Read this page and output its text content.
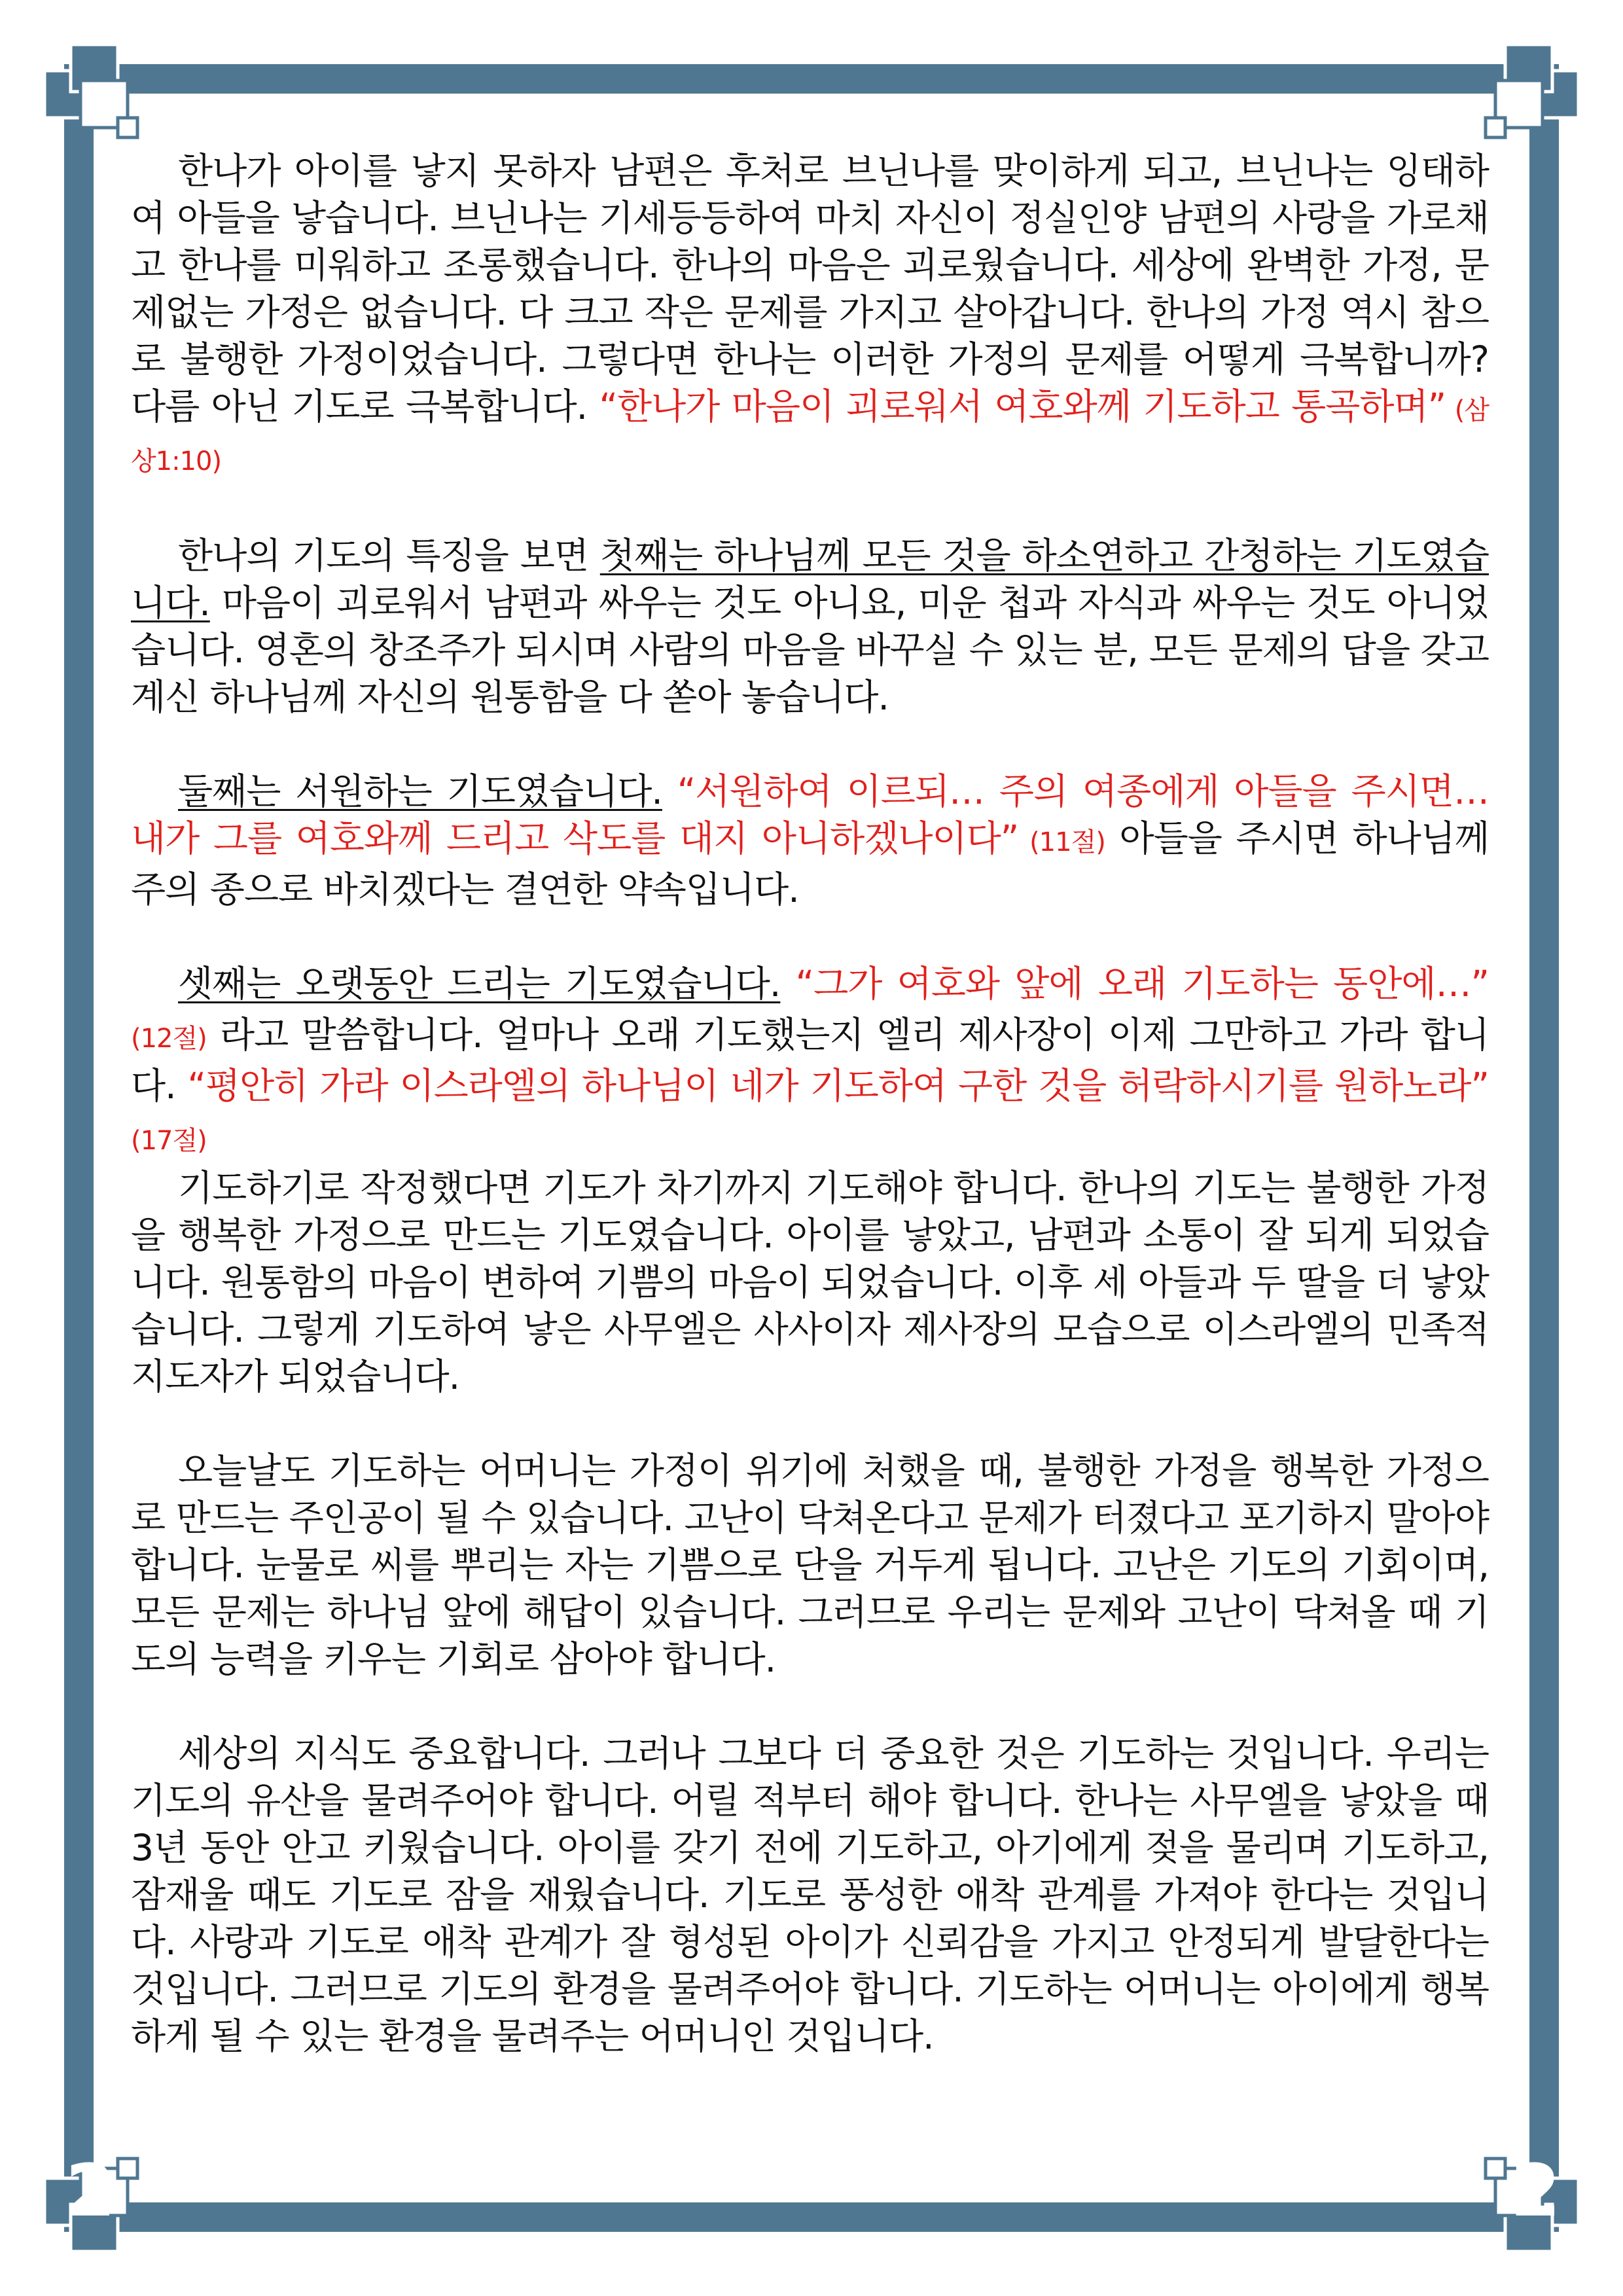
2	2

한나가 아이를 낳지 못하자 남편은 후처로 브닌나를 맞이하게 되고, 브닌나는 잉태하여 아들을 낳습니다. 브닌나는 기세등등하여 마치 자신이 정실인양 남편의 사랑을 가로채고 한나를 미워하고 조롱했습니다. 한나의 마음은 괴로웠습니다. 세상에 완벽한 가정, 문제없는 가정은 없습니다. 다 크고 작은 문제를 가지고 살아갑니다. 한나의 가정 역시 참으로 불행한 가정이었습니다. 그렇다면 한나는 이러한 가정의 문제를 어떻게 극복합니까? 다름 아닌 기도로 극복합니다. “한나가 마음이 괴로워서 여호와께 기도하고 통곡하며” (삼상1:10)

한나의 기도의 특징을 보면 첫째는 하나님께 모든 것을 하소연하고 간청하는 기도였습니다. 마음이 괴로워서 남편과 싸우는 것도 아니요, 미운 첩과 자식과 싸우는 것도 아니었습니다. 영혼의 창조주가 되시며 사람의 마음을 바꾸실 수 있는 분, 모든 문제의 답을 갖고 계신 하나님께 자신의 원통함을 다 쏟아 놓습니다.

둘째는 서원하는 기도였습니다. “서원하여 이르되… 주의 여종에게 아들을 주시면… 내가 그를 여호와께 드리고 삭도를 대지 아니하겠나이다” (11절) 아들을 주시면 하나님께 주의 종으로 바치겠다는 결연한 약속입니다.

셋째는 오랫동안 드리는 기도였습니다. “그가 여호와 앞에 오래 기도하는 동안에…” (12절) 라고 말씀합니다. 얼마나 오래 기도했는지 엘리 제사장이 이제 그만하고 가라 합니다. “평안히 가라 이스라엘의 하나님이 네가 기도하여 구한 것을 허락하시기를 원하노라” (17절)

기도하기로 작정했다면 기도가 차기까지 기도해야 합니다. 한나의 기도는 불행한 가정을 행복한 가정으로 만드는 기도였습니다. 아이를 낳았고, 남편과 소통이 잘 되게 되었습니다. 원통함의 마음이 변하여 기쁨의 마음이 되었습니다. 이후 세 아들과 두 딸을 더 낳았습니다. 그렇게 기도하여 낳은 사무엘은 사사이자 제사장의 모습으로 이스라엘의 민족적 지도자가 되었습니다.

오늘날도 기도하는 어머니는 가정이 위기에 처했을 때, 불행한 가정을 행복한 가정으로 만드는 주인공이 될 수 있습니다. 고난이 닥쳐온다고 문제가 터졌다고 포기하지 말아야 합니다. 눈물로 씨를 뿌리는 자는 기쁨으로 단을 거두게 됩니다. 고난은 기도의 기회이며, 모든 문제는 하나님 앞에 해답이 있습니다. 그러므로 우리는 문제와 고난이 닥쳐올 때 기도의 능력을 키우는 기회로 삼아야 합니다.

세상의 지식도 중요합니다. 그러나 그보다 더 중요한 것은 기도하는 것입니다. 우리는 기도의 유산을 물려주어야 합니다. 어릴 적부터 해야 합니다. 한나는 사무엘을 낳았을 때 3년 동안 안고 키웠습니다. 아이를 갖기 전에 기도하고, 아기에게 젖을 물리며 기도하고, 잠재울 때도 기도로 잠을 재웠습니다. 기도로 풍성한 애착 관계를 가져야 한다는 것입니다. 사랑과 기도로 애착 관계가 잘 형성된 아이가 신뢰감을 가지고 안정되게 발달한다는 것입니다. 그러므로 기도의 환경을 물려주어야 합니다. 기도하는 어머니는 아이에게 행복하게 될 수 있는 환경을 물려주는 어머니인 것입니다.
